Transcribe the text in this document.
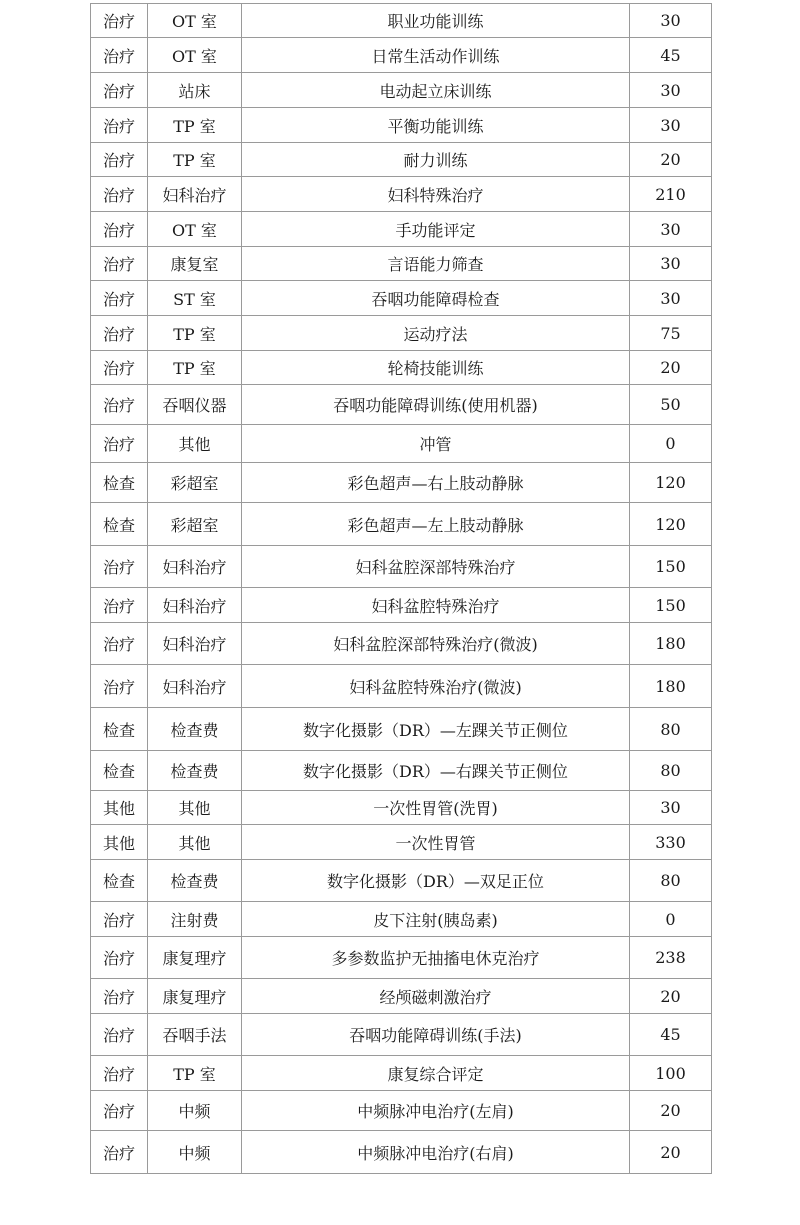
治疗	OT 室	职业功能训练	30
治疗	OT 室	日常生活动作训练	45
治疗	站床	电动起立床训练	30
治疗	TP 室	平衡功能训练	30
治疗	TP 室	耐力训练	20
治疗	妇科治疗	妇科特殊治疗	210
治疗	OT 室	手功能评定	30
治疗	康复室	言语能力筛查	30
治疗	ST 室	吞咽功能障碍检查	30
治疗	TP 室	运动疗法	75
治疗	TP 室	轮椅技能训练	20
治疗	吞咽仪器	吞咽功能障碍训练(使用机器)	50
治疗	其他	冲管	0
检查	彩超室	彩色超声—右上肢动静脉	120
检查	彩超室	彩色超声—左上肢动静脉	120
治疗	妇科治疗	妇科盆腔深部特殊治疗	150
治疗	妇科治疗	妇科盆腔特殊治疗	150
治疗	妇科治疗	妇科盆腔深部特殊治疗(微波)	180
治疗	妇科治疗	妇科盆腔特殊治疗(微波)	180
检查	检查费	数字化摄影（DR）—左踝关节正侧位	80
检查	检查费	数字化摄影（DR）—右踝关节正侧位	80
其他	其他	一次性胃管(洗胃)	30
其他	其他	一次性胃管	330
检查	检查费	数字化摄影（DR）—双足正位	80
治疗	注射费	皮下注射(胰岛素)	0
治疗	康复理疗	多参数监护无抽搐电休克治疗	238
治疗	康复理疗	经颅磁刺激治疗	20
治疗	吞咽手法	吞咽功能障碍训练(手法)	45
治疗	TP 室	康复综合评定	100
治疗	中频	中频脉冲电治疗(左肩)	20
治疗	中频	中频脉冲电治疗(右肩)	20
